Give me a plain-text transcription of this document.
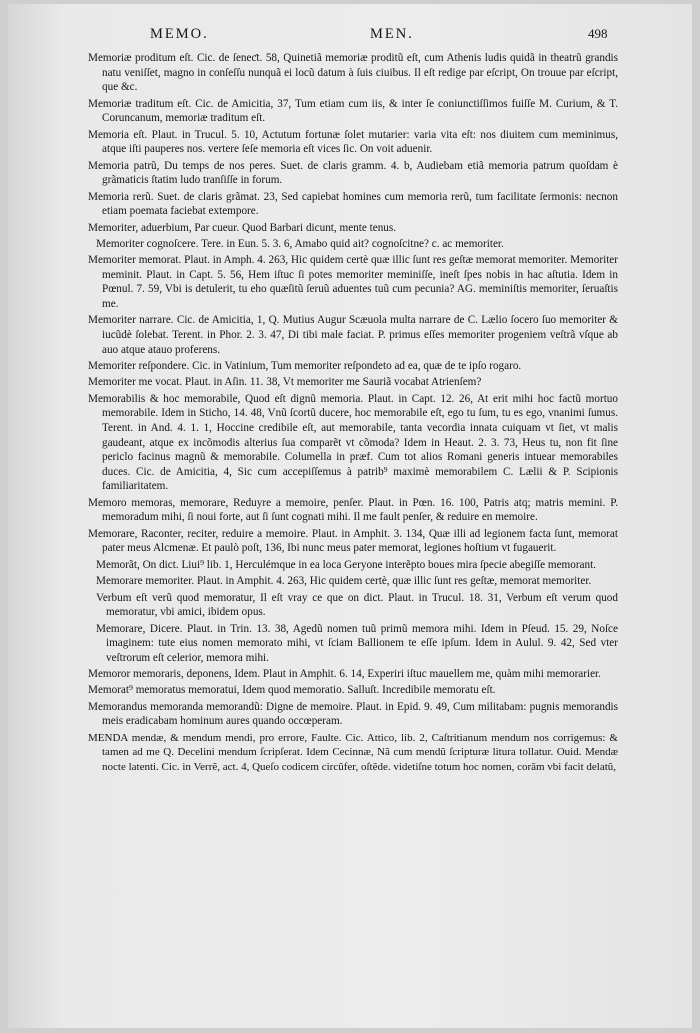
MEMO.	MEN.	498

Memoriæ proditum eſt. Cic. de ſeneƈt. 58, Quinetiã memoriæ proditũ eſt, cum Athenis ludis quidã in theatrũ grandis natu veniſſet, magno in conſeſſu nunquã ei locũ datum à ſuis ciuibus. Il eſt redige par eſcript, On trouue par eſcript, que &c.

Memoriæ traditum eſt. Cic. de Amicitia, 37, Tum etiam cum iis, & inter ſe coniunctiſſimos fuiſſe M. Curium, & T. Coruncanum, memoriæ traditum eſt.

Memoria eſt. Plaut. in Trucul. 5. 10, Actutum fortunæ ſolet mutarier: varia vita eſt: nos diuitem cum meminimus, atque iſti pauperes nos. vertere ſeſe memoria eſt vices ſic. On voit aduenir.

Memoria patrũ, Du temps de nos peres. Suet. de claris gramm. 4. b, Audiebam etiã memoria patrum quoſdam è grãmaticis ſtatim ludo tranſiſſe in forum.

Memoria rerũ. Suet. de claris grãmat. 23, Sed capiebat homines cum memoria rerũ, tum facilitate ſermonis: necnon etiam poemata faciebat extempore.

Memoriter, aduerbium, Par cueur. Quod Barbari dicunt, mente tenus.

Memoriter cognoſcere. Tere. in Eun. 5. 3. 6, Amabo quid ait? cognoſcitne? c. ac memoriter.

Memoriter memorat. Plaut. in Amph. 4. 263, Hic quidem certè quæ illic ſunt res geſtæ memorat memoriter. Memoriter meminit. Plaut. in Capt. 5. 56, Hem iſtuc ſi potes memoriter meminiſſe, ineſt ſpes nobis in hac aſtutia. Idem in Pœnul. 7. 59, Vbi is detulerit, tu eho quæſitũ ſeruũ aduentes tuũ cum pecunia? AG. meminiſtis memoriter, ſeruaſtis me.

Memoriter narrare. Cic. de Amicitia, 1, Q. Mutius Augur Scæuola multa narrare de C. Lælio ſocero ſuo memoriter & iucũdè ſolebat. Terent. in Phor. 2. 3. 47, Di tibi male faciat. P. primus eſſes memoriter progeniem veſtrã vſque ab auo atque atauo proferens.

Memoriter reſpondere. Cic. in Vatinium, Tum memoriter reſpondeto ad ea, quæ de te ipſo rogaro.

Memoriter me vocat. Plaut. in Aſin. 11. 38, Vt memoriter me Sauriã vocabat Atrienſem?

Memorabilis & hoc memorabile, Quod eſt dignũ memoria. Plaut. in Capt. 12. 26, At erit mihi hoc factũ mortuo memorabile. Idem in Sticho, 14. 48, Vnũ ſcortũ ducere, hoc memorabile eſt, ego tu ſum, tu es ego, vnanimi ſumus. Terent. in And. 4. 1. 1, Hoccine credibile eſt, aut memorabile, tanta vecordia innata cuiquam vt ſiet, vt malis gaudeant, atque ex incõmodis alterius ſua comparẽt vt cõmoda? Idem in Heaut. 2. 3. 73, Heus tu, non fit ſine periclo facinus magnũ & memorabile. Columella in præf. Cum tot alios Romani generis intuear memorabiles duces. Cic. de Amicitia, 4, Sic cum accepiſſemus à patrib⁹ maximè memorabilem C. Lælii & P. Scipionis familiaritatem.

Memoro memoras, memorare, Reduyre a memoire, penſer. Plaut. in Pœn. 16. 100, Patris atq; matris memini. P. memoradum mihi, ſi noui forte, aut ſi ſunt cognati mihi. Il me fault penſer, & reduire en memoire.

Memorare, Raconter, reciter, reduire a memoire. Plaut. in Amphit. 3. 134, Quæ illi ad legionem facta ſunt, memorat pater meus Alcmenæ. Et paulò poſt, 136, Ibi nunc meus pater memorat, legiones hoſtium vt fugauerit.

Memorãt, On dict. Liui⁹ lib. 1, Herculémque in ea loca Geryone interẽpto boues mira ſpecie abegiſſe memorant.

Memorare memoriter. Plaut. in Amphit. 4. 263, Hic quidem certè, quæ illic ſunt res geſtæ, memorat memoriter.

Verbum eſt verũ quod memoratur, Il eſt vray ce que on dict. Plaut. in Trucul. 18. 31, Verbum eſt verum quod memoratur, vbi amici, ibidem opus.

Memorare, Dicere. Plaut. in Trin. 13. 38, Agedũ nomen tuũ primũ memora mihi. Idem in Pſeud. 15. 29, Noſce imaginem: tute eius nomen memorato mihi, vt ſciam Ballionem te eſſe ipſum. Idem in Aulul. 9. 42, Sed vter veſtrorum eſt celerior, memora mihi.

Memoror memoraris, deponens, Idem. Plaut in Amphit. 6. 14, Experiri iſtuc mauellem me, quàm mihi memorarier.

Memorat⁹ memoratus memoratui, Idem quod memoratio. Salluſt. Incredibile memoratu eſt.

Memorandus memoranda memorandũ: Digne de memoire. Plaut. in Epid. 9. 49, Cum militabam: pugnis memorandis meis eradicabam hominum aures quando occœperam.

MENDA mendæ, & mendum mendi, pro errore, Faulte. Cic. Attico, lib. 2, Caſtritianum mendum nos corrigemus: & tamen ad me Q. Decelini mendum ſcripſerat. Idem Cecinnæ, Nã cum mendũ ſcripturæ litura tollatur. Ouid. Mendæ nocte latenti. Cic. in Verrẽ, act. 4, Queſo codicem circũfer, oſtẽde. videtiſne totum hoc nomen, corãm vbi facit delatũ,
